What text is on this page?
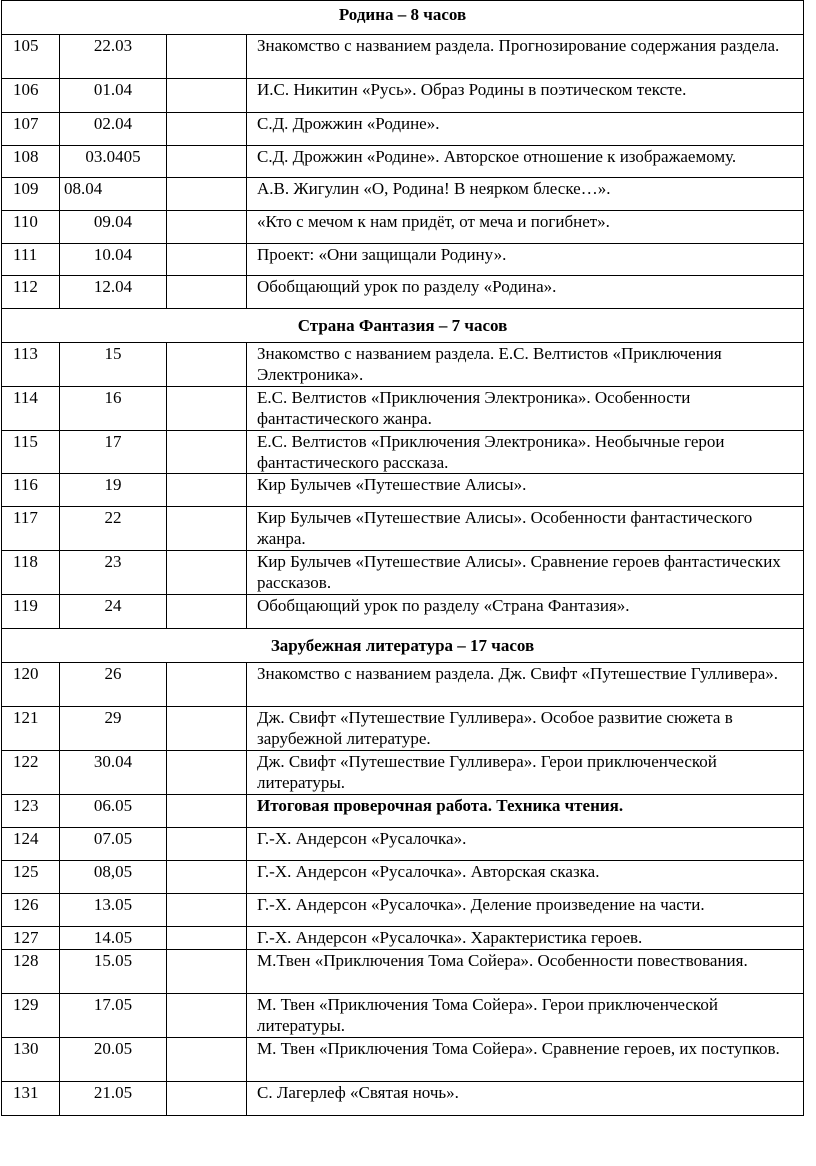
Родина – 8 часов			
105	22.03		Знакомство с названием раздела. Прогнозирование содержания раздела.
106	01.04		И.С. Никитин «Русь». Образ Родины в поэтическом тексте.
107	02.04		С.Д. Дрожжин «Родине».
108	03.0405		С.Д. Дрожжин «Родине». Авторское отношение к изображаемому.
109	08.04		А.В. Жигулин «О, Родина! В неярком блеске…».
110	09.04		«Кто с мечом к нам придёт, от меча и погибнет».
111	10.04		Проект: «Они защищали Родину».
112	12.04		Обобщающий урок по разделу «Родина».
Страна Фантазия – 7 часов			
113	15		Знакомство с названием раздела. Е.С. Велтистов «Приключения Электроника».
114	16		Е.С. Велтистов «Приключения Электроника». Особенности фантастического жанра.
115	17		Е.С. Велтистов «Приключения Электроника». Необычные герои фантастического рассказа.
116	19		Кир Булычев «Путешествие Алисы».
117	22		Кир Булычев «Путешествие Алисы». Особенности фантастического жанра.
118	23		Кир Булычев «Путешествие Алисы». Сравнение героев фантастических рассказов.
119	24		Обобщающий урок по разделу «Страна Фантазия».
Зарубежная литература – 17 часов			
120	26		Знакомство с названием раздела. Дж. Свифт «Путешествие Гулливера».
121	29		Дж. Свифт «Путешествие Гулливера». Особое развитие сюжета в зарубежной литературе.
122	30.04		Дж. Свифт «Путешествие Гулливера». Герои приключенческой литературы.
123	06.05		Итоговая проверочная работа. Техника чтения.
124	07.05		Г.-Х. Андерсон «Русалочка».
125	08,05		Г.-Х. Андерсон «Русалочка». Авторская сказка.
126	13.05		Г.-Х. Андерсон «Русалочка». Деление произведение на части.
127	14.05		Г.-Х. Андерсон «Русалочка». Характеристика героев.
128	15.05		М.Твен «Приключения Тома Сойера». Особенности повествования.
129	17.05		М. Твен «Приключения Тома Сойера». Герои приключенческой литературы.
130	20.05		М. Твен «Приключения Тома Сойера». Сравнение героев, их поступков.
131	21.05		С. Лагерлеф «Святая ночь».
